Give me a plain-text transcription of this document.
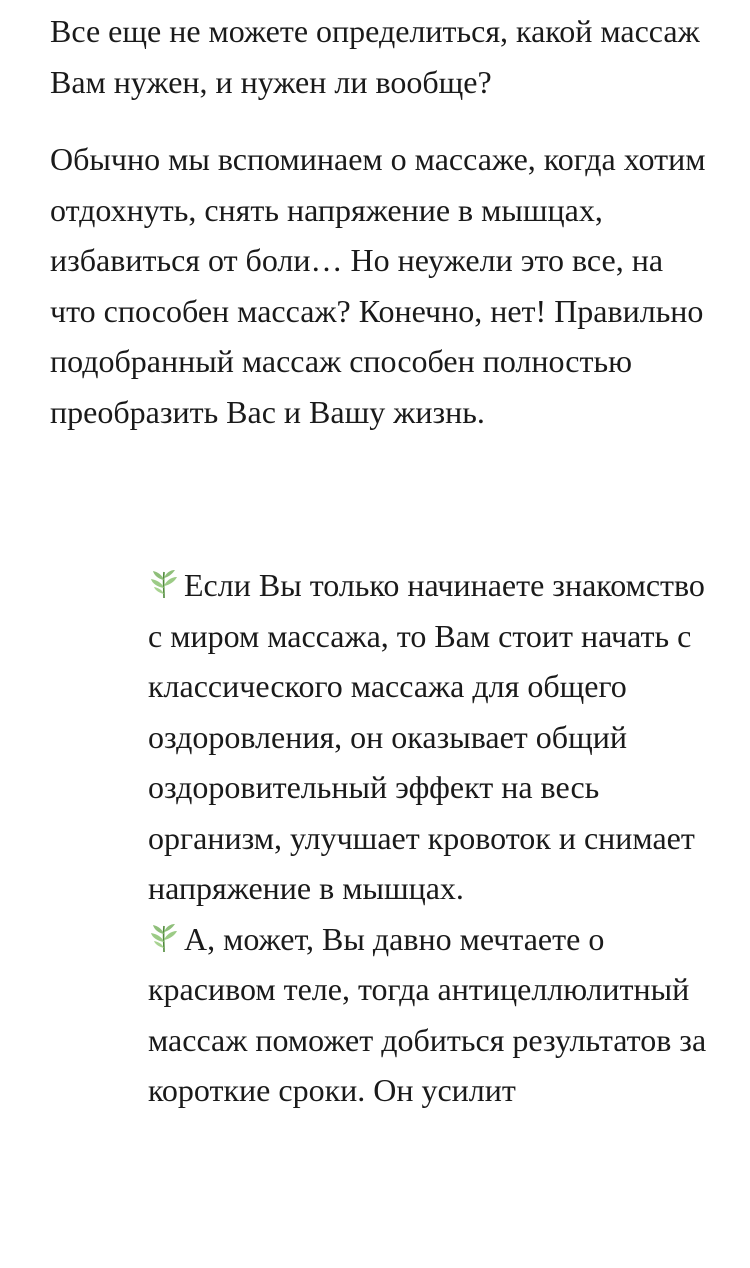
Все еще не можете определиться, какой массаж Вам нужен, и нужен ли вообще?

Обычно мы вспоминаем о массаже, когда хотим отдохнуть, снять напряжение в мышцах, избавиться от боли… Но неужели это все, на что способен массаж? Конечно, нет! Правильно подобранный массаж способен полностью преобразить Вас и Вашу жизнь.

Если Вы только начинаете знакомство с миром массажа, то Вам стоит начать с классического массажа для общего оздоровления, он оказывает общий оздоровительный эффект на весь организм, улучшает кровоток и снимает напряжение в мышцах.

А, может, Вы давно мечтаете о красивом теле, тогда антицеллюлитный массаж поможет добиться результатов за короткие сроки. Он усилит
